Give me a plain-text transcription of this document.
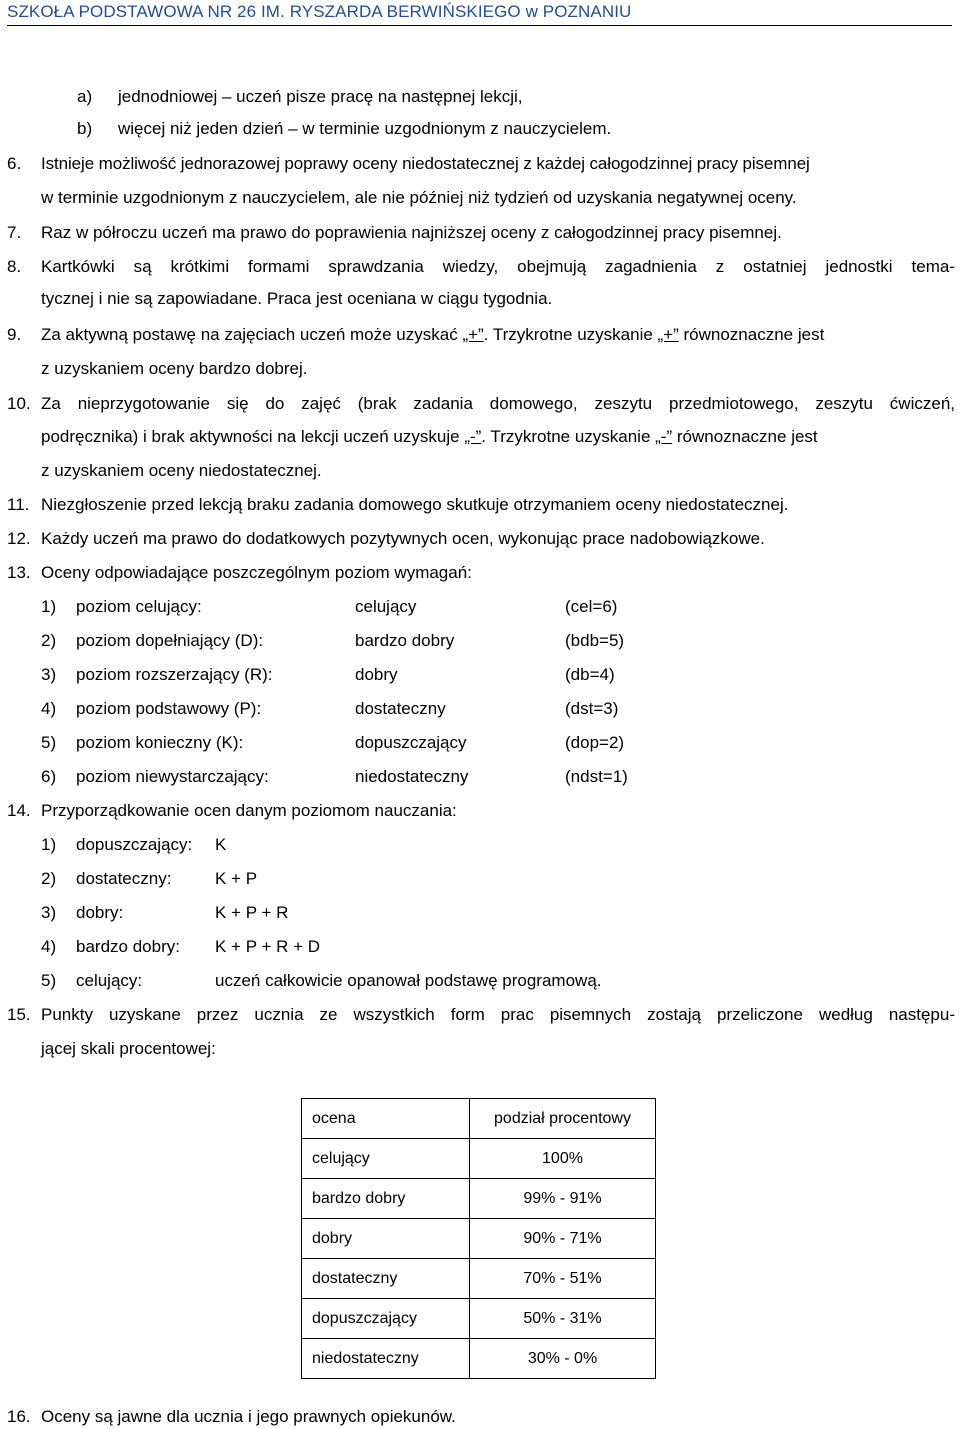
SZKOŁA PODSTAWOWA NR 26 IM. RYSZARDA BERWIŃSKIEGO w POZNANIU
a) jednodniowej – uczeń pisze pracę na następnej lekcji,
b) więcej niż jeden dzień – w terminie uzgodnionym z nauczycielem.
6. Istnieje możliwość jednorazowej poprawy oceny niedostatecznej z każdej całogodzinnej pracy pisemnej
w terminie uzgodnionym z nauczycielem, ale nie później niż tydzień od uzyskania negatywnej oceny.
7. Raz w półroczu uczeń ma prawo do poprawienia najniższej oceny z całogodzinnej pracy pisemnej.
8. Kartkówki są krótkimi formami sprawdzania wiedzy, obejmują zagadnienia z ostatniej jednostki tema-
tycznej i nie są zapowiadane. Praca jest oceniana w ciągu tygodnia.
9. Za aktywną postawę na zajęciach uczeń może uzyskać „+”. Trzykrotne uzyskanie „+” równoznaczne jest
z uzyskaniem oceny bardzo dobrej.
10. Za nieprzygotowanie się do zajęć (brak zadania domowego, zeszytu przedmiotowego, zeszytu ćwiczeń,
podręcznika) i brak aktywności na lekcji uczeń uzyskuje „-”. Trzykrotne uzyskanie „-” równoznaczne jest
z uzyskaniem oceny niedostatecznej.
11. Niezgłoszenie przed lekcją braku zadania domowego skutkuje otrzymaniem oceny niedostatecznej.
12. Każdy uczeń ma prawo do dodatkowych pozytywnych ocen, wykonując prace nadobowiązkowe.
13. Oceny odpowiadające poszczególnym poziom wymagań:
1) poziom celujący:	celujący	(cel=6)
2) poziom dopełniający (D):	bardzo dobry	(bdb=5)
3) poziom rozszerzający (R):	dobry	(db=4)
4) poziom podstawowy (P):	dostateczny	(dst=3)
5) poziom konieczny (K):	dopuszczający	(dop=2)
6) poziom niewystarczający:	niedostateczny	(ndst=1)
14. Przyporządkowanie ocen danym poziomom nauczania:
1) dopuszczający: K
2) dostateczny:	K + P
3) dobry:	K + P + R
4) bardzo dobry: K + P + R + D
5) celujący:	uczeń całkowicie opanował podstawę programową.
15. Punkty uzyskane przez ucznia ze wszystkich form prac pisemnych zostają przeliczone według następu-
jącej skali procentowej:
ocena	podział procentowy
celujący	100%
bardzo dobry	99% - 91%
dobry	90% - 71%
dostateczny	70% - 51%
dopuszczający	50% - 31%
niedostateczny	30% - 0%
16. Oceny są jawne dla ucznia i jego prawnych opiekunów.
